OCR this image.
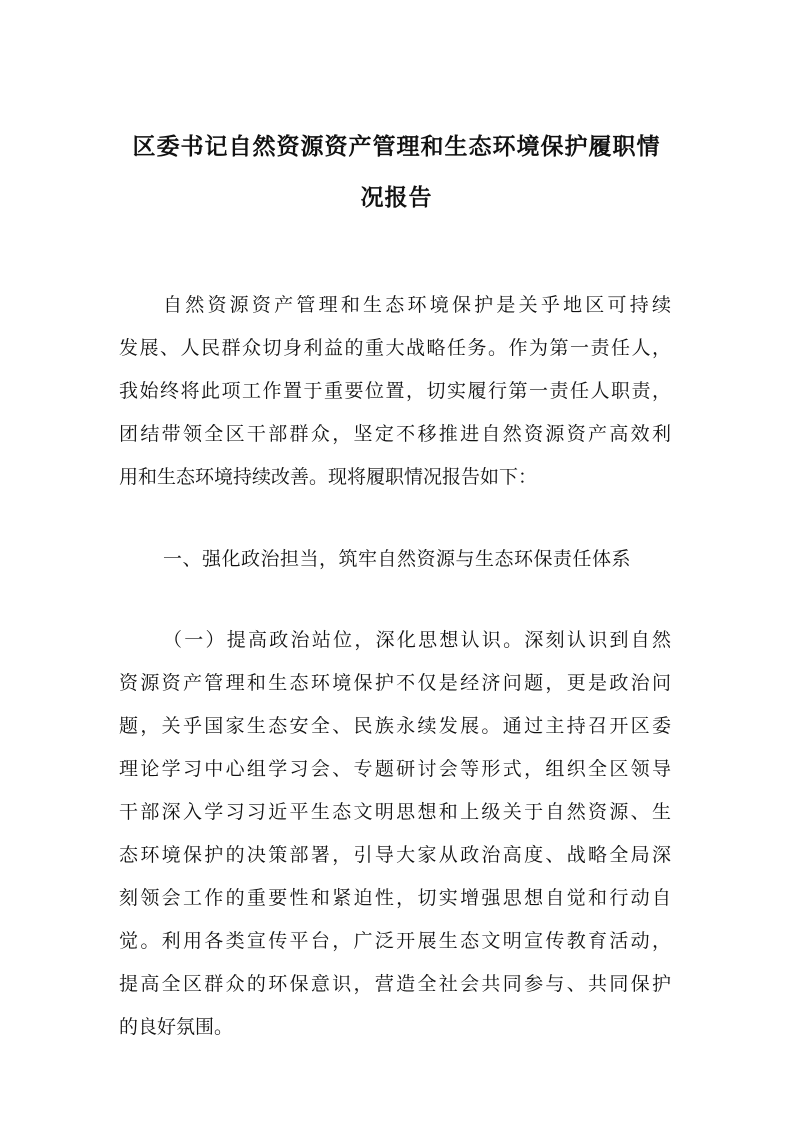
区委书记自然资源资产管理和生态环境保护履职情
况报告
自然资源资产管理和生态环境保护是关乎地区可持续
发展、人民群众切身利益的重大战略任务。作为第一责任人，
我始终将此项工作置于重要位置，切实履行第一责任人职责，
团结带领全区干部群众，坚定不移推进自然资源资产高效利
用和生态环境持续改善。现将履职情况报告如下：
一、强化政治担当，筑牢自然资源与生态环保责任体系
（一）提高政治站位，深化思想认识。深刻认识到自然
资源资产管理和生态环境保护不仅是经济问题，更是政治问
题，关乎国家生态安全、民族永续发展。通过主持召开区委
理论学习中心组学习会、专题研讨会等形式，组织全区领导
干部深入学习习近平生态文明思想和上级关于自然资源、生
态环境保护的决策部署，引导大家从政治高度、战略全局深
刻领会工作的重要性和紧迫性，切实增强思想自觉和行动自
觉。利用各类宣传平台，广泛开展生态文明宣传教育活动，
提高全区群众的环保意识，营造全社会共同参与、共同保护
的良好氛围。
